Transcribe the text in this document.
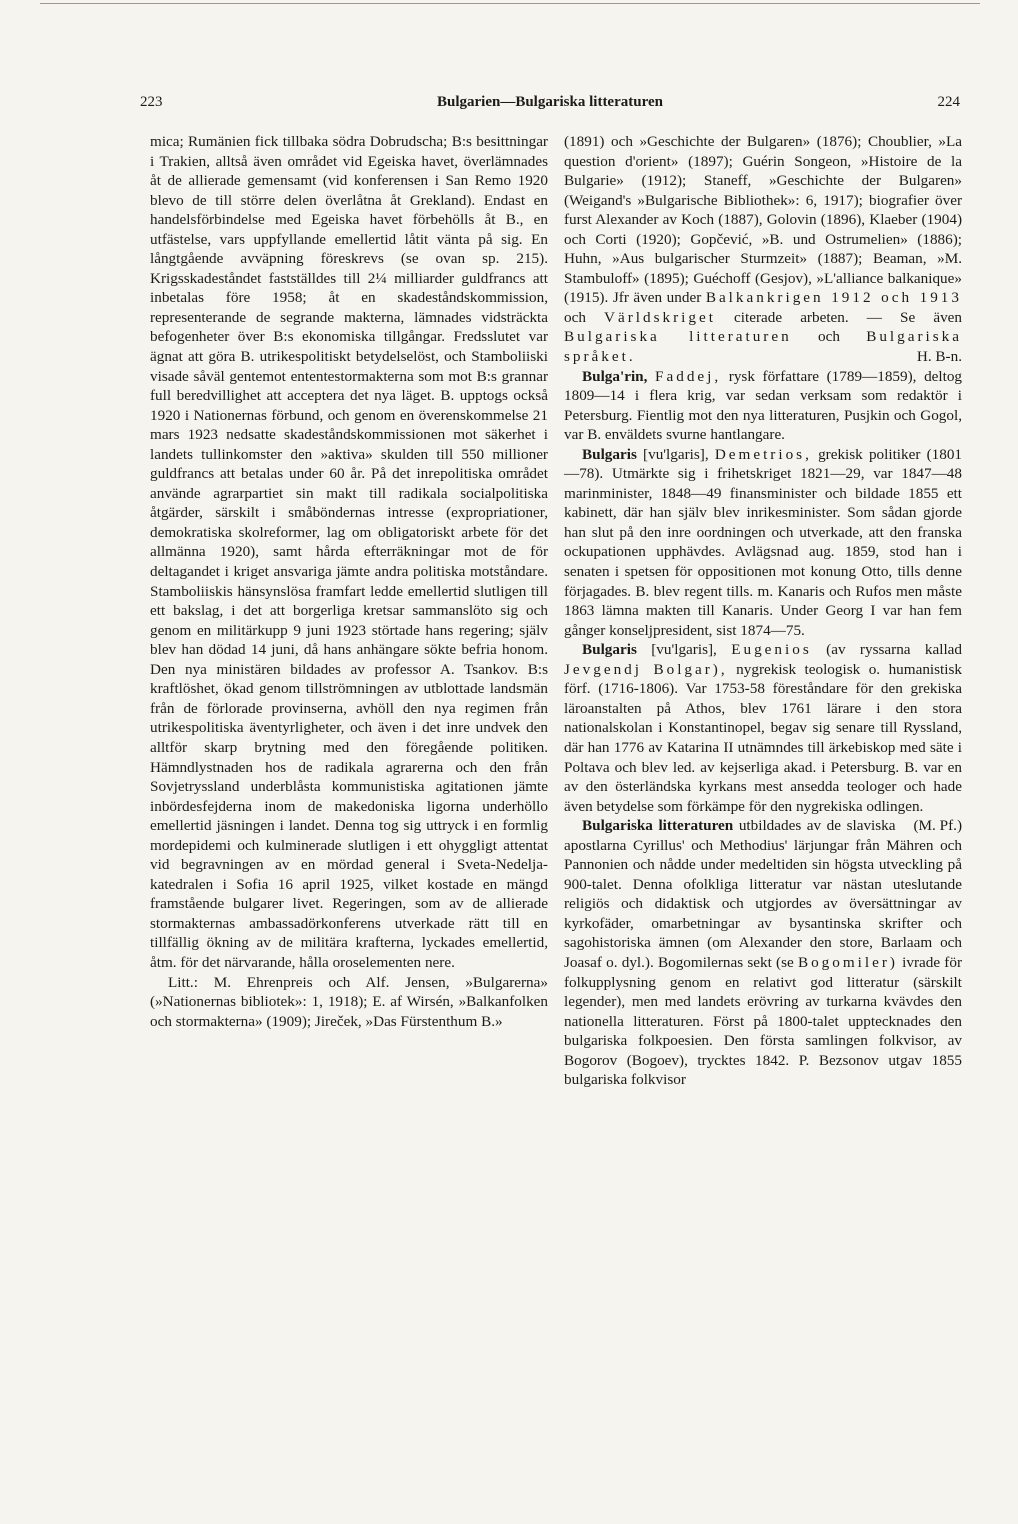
223	Bulgarien—Bulgariska litteraturen	224

mica; Rumänien fick tillbaka södra Dobrudscha; B:s besittningar i Trakien, alltså även området vid Egeiska havet, överlämnades åt de allierade gemensamt (vid konferensen i San Remo 1920 blevo de till större delen överlåtna åt Grekland). Endast en handelsförbindelse med Egeiska havet förbehölls åt B., en utfästelse, vars uppfyllande emellertid låtit vänta på sig. En långtgående avväpning föreskrevs (se ovan sp. 215). Krigsskadeståndet fastställdes till 2¼ milliarder guldfrancs att inbetalas före 1958; åt en skadeståndskommission, representerande de segrande makterna, lämnades vidsträckta befogenheter över B:s ekonomiska tillgångar. Fredsslutet var ägnat att göra B. utrikespolitiskt betydelselöst, och Stamboliiski visade såväl gentemot ententestormakterna som mot B:s grannar full beredvillighet att acceptera det nya läget. B. upptogs också 1920 i Nationernas förbund, och genom en överenskommelse 21 mars 1923 nedsatte skadeståndskommissionen mot säkerhet i landets tullinkomster den »aktiva» skulden till 550 millioner guldfrancs att betalas under 60 år. På det inrepolitiska området använde agrarpartiet sin makt till radikala socialpolitiska åtgärder, särskilt i småböndernas intresse (expropriationer, demokratiska skolreformer, lag om obligatoriskt arbete för det allmänna 1920), samt hårda efterräkningar mot de för deltagandet i kriget ansvariga jämte andra politiska motståndare. Stamboliiskis hänsynslösa framfart ledde emellertid slutligen till ett bakslag, i det att borgerliga kretsar sammanslöto sig och genom en militärkupp 9 juni 1923 störtade hans regering; själv blev han dödad 14 juni, då hans anhängare sökte befria honom. Den nya ministären bildades av professor A. Tsankov. B:s kraftlöshet, ökad genom tillströmningen av utblottade landsmän från de förlorade provinserna, avhöll den nya regimen från utrikespolitiska äventyrligheter, och även i det inre undvek den alltför skarp brytning med den föregående politiken. Hämndlystnaden hos de radikala agrarerna och den från Sovjetryssland underblåsta kommunistiska agitationen jämte inbördesfejderna inom de makedoniska ligorna underhöllo emellertid jäsningen i landet. Denna tog sig uttryck i en formlig mordepidemi och kulminerade slutligen i ett ohyggligt attentat vid begravningen av en mördad general i Sveta-Nedelja-katedralen i Sofia 16 april 1925, vilket kostade en mängd framstående bulgarer livet. Regeringen, som av de allierade stormakternas ambassadörkonferens utverkade rätt till en tillfällig ökning av de militära krafterna, lyckades emellertid, åtm. för det närvarande, hålla oroselementen nere.

Litt.: M. Ehrenpreis och Alf. Jensen, »Bulgarerna» (»Nationernas bibliotek»: 1, 1918); E. af Wirsén, »Balkanfolken och stormakterna» (1909); Jireček, »Das Fürstenthum B.»

(1891) och »Geschichte der Bulgaren» (1876); Choublier, »La question d'orient» (1897); Guérin Songeon, »Histoire de la Bulgarie» (1912); Staneff, »Geschichte der Bulgaren» (Weigand's »Bulgarische Bibliothek»: 6, 1917); biografier över furst Alexander av Koch (1887), Golovin (1896), Klaeber (1904) och Corti (1920); Gopčević, »B. und Ostrumelien» (1886); Huhn, »Aus bulgarischer Sturmzeit» (1887); Beaman, »M. Stambuloff» (1895); Guéchoff (Gesjov), »L'alliance balkanique» (1915). Jfr även under Balkankrigen 1912 och 1913 och Världskriget citerade arbeten. — Se även Bulgariska litteraturen och Bulgariska språket.	H. B-n.

Bulga'rin, Faddej, rysk författare (1789—1859), deltog 1809—14 i flera krig, var sedan verksam som redaktör i Petersburg. Fientlig mot den nya litteraturen, Pusjkin och Gogol, var B. enväldets svurne hantlangare.

Bulgaris [vu'lgaris], Demetrios, grekisk politiker (1801—78). Utmärkte sig i frihetskriget 1821—29, var 1847—48 marinminister, 1848—49 finansminister och bildade 1855 ett kabinett, där han själv blev inrikesminister. Som sådan gjorde han slut på den inre oordningen och utverkade, att den franska ockupationen upphävdes. Avlägsnad aug. 1859, stod han i senaten i spetsen för oppositionen mot konung Otto, tills denne förjagades. B. blev regent tills. m. Kanaris och Rufos men måste 1863 lämna makten till Kanaris. Under Georg I var han fem gånger konseljpresident, sist 1874—75.

Bulgaris [vu'lgaris], Eugenios (av ryssarna kallad Jevgendj Bolgar), nygrekisk teologisk o. humanistisk förf. (1716-1806). Var 1753-58 föreståndare för den grekiska läroanstalten på Athos, blev 1761 lärare i den stora nationalskolan i Konstantinopel, begav sig senare till Ryssland, där han 1776 av Katarina II utnämndes till ärkebiskop med säte i Poltava och blev led. av kejserliga akad. i Petersburg. B. var en av den österländska kyrkans mest ansedda teologer och hade även betydelse som förkämpe för den nygrekiska odlingen.
(M. Pf.)

Bulgariska litteraturen utbildades av de slaviska apostlarna Cyrillus' och Methodius' lärjungar från Mähren och Pannonien och nådde under medeltiden sin högsta utveckling på 900-talet. Denna ofolkliga litteratur var nästan uteslutande religiös och didaktisk och utgjordes av översättningar av kyrkofäder, omarbetningar av bysantinska skrifter och sagohistoriska ämnen (om Alexander den store, Barlaam och Joasaf o. dyl.). Bogomilernas sekt (se Bogomiler) ivrade för folkupplysning genom en relativt god litteratur (särskilt legender), men med landets erövring av turkarna kvävdes den nationella litteraturen. Först på 1800-talet upptecknades den bulgariska folkpoesien. Den första samlingen folkvisor, av Bogorov (Bogoev), trycktes 1842. P. Bezsonov utgav 1855 bulgariska folkvisor
